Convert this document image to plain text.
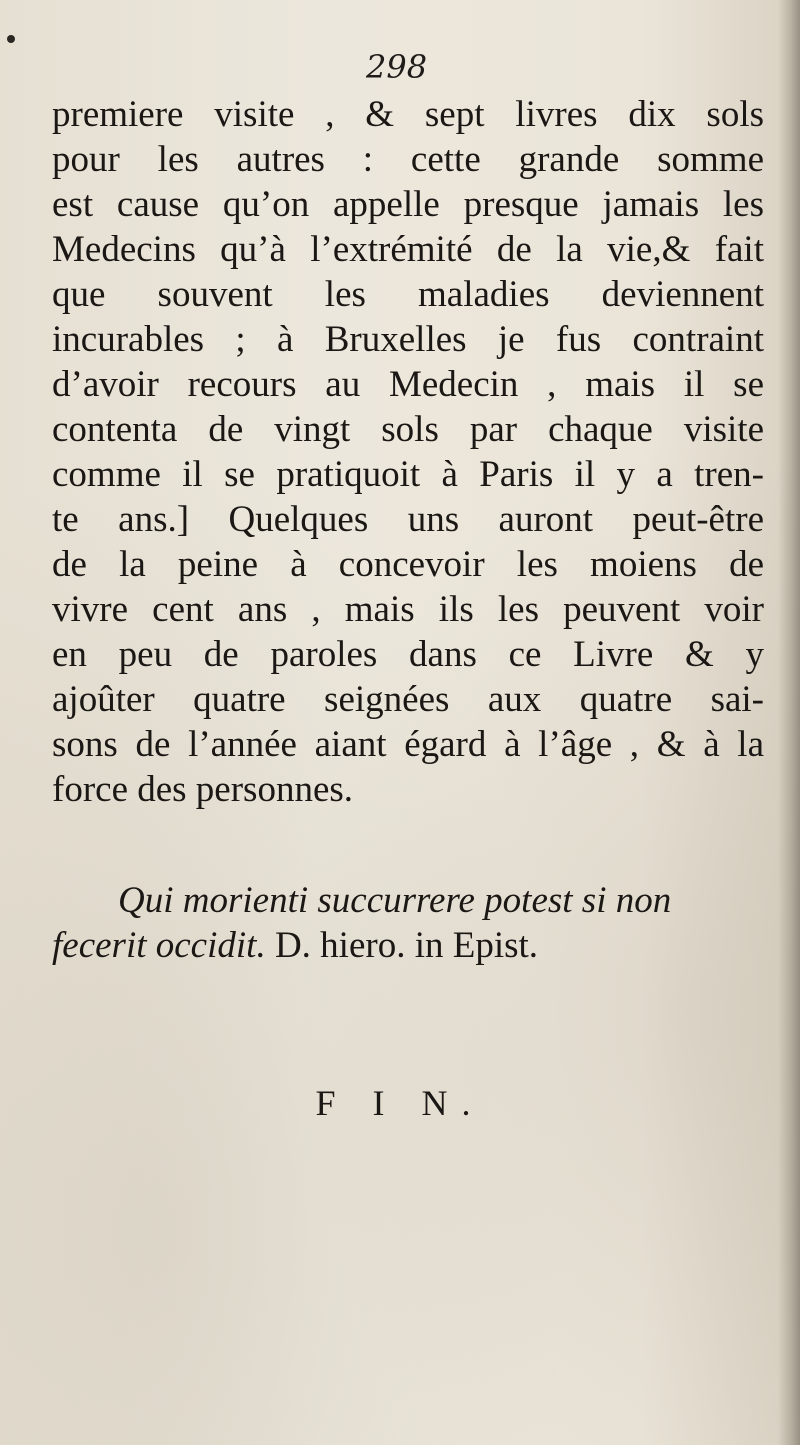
298
premiere visite , & sept livres dix sols
pour les autres : cette grande somme
est cause qu’on appelle presque jamais les
Medecins qu’à l’extrémité de la vie,& fait
que souvent les maladies deviennent
incurables ; à Bruxelles je fus contraint
d’avoir recours au Medecin , mais il se
contenta de vingt sols par chaque visite
comme il se pratiquoit à Paris il y a tren-
te ans.] Quelques uns auront peut-être
de la peine à concevoir les moiens de
vivre cent ans , mais ils les peuvent voir
en peu de paroles dans ce Livre & y
ajoûter quatre seignées aux quatre sai-
sons de l’année aiant égard à l’âge , & à la
force des personnes.
Qui morienti succurrere potest si non
fecerit occidit. D. hiero. in Epist.
F I N.
